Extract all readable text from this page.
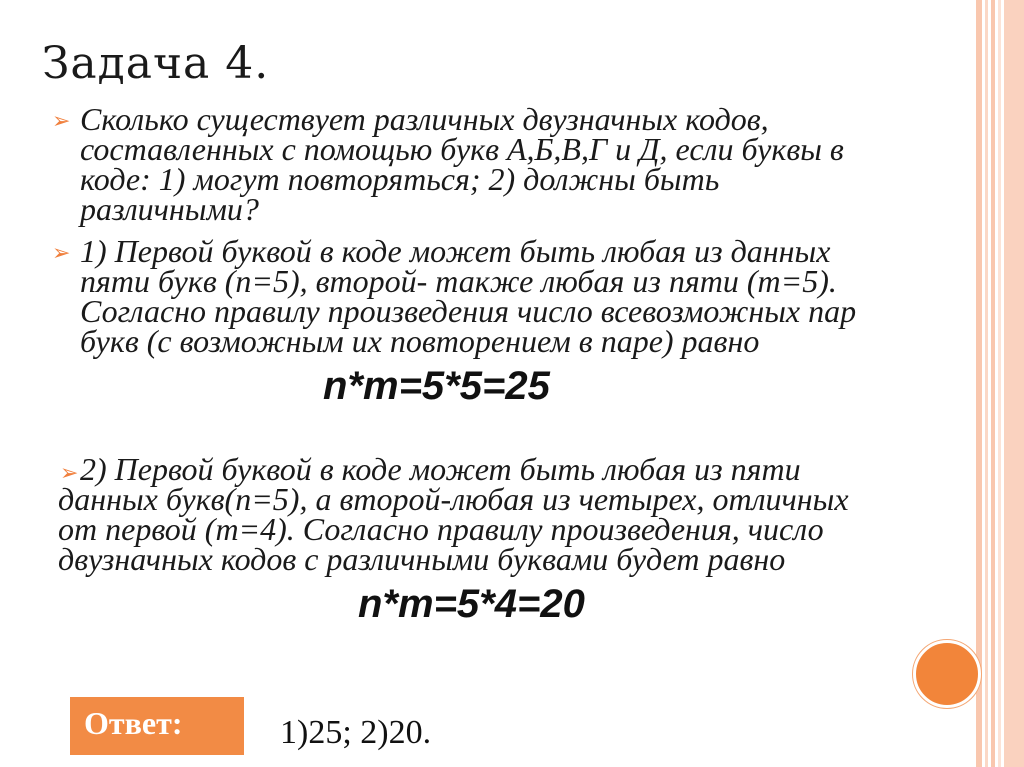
Задача 4.
➢ Сколько существует различных двузначных кодов,
составленных с помощью букв А,Б,В,Г и Д, если буквы в
коде: 1) могут повторяться; 2) должны быть
различными?
➢ 1) Первой буквой в коде может быть любая из данных
пяти букв (n=5), второй- также любая из пяти (m=5).
Согласно правилу произведения число всевозможных пар
букв (с возможным их повторением в паре) равно
n*m=5*5=25
➢ 2) Первой буквой в коде может быть любая из пяти
данных букв(n=5), а второй-любая из четырех, отличных
от первой (m=4). Согласно правилу произведения, число
двузначных кодов с различными буквами будет равно
n*m=5*4=20
Ответ:	1)25; 2)20.
